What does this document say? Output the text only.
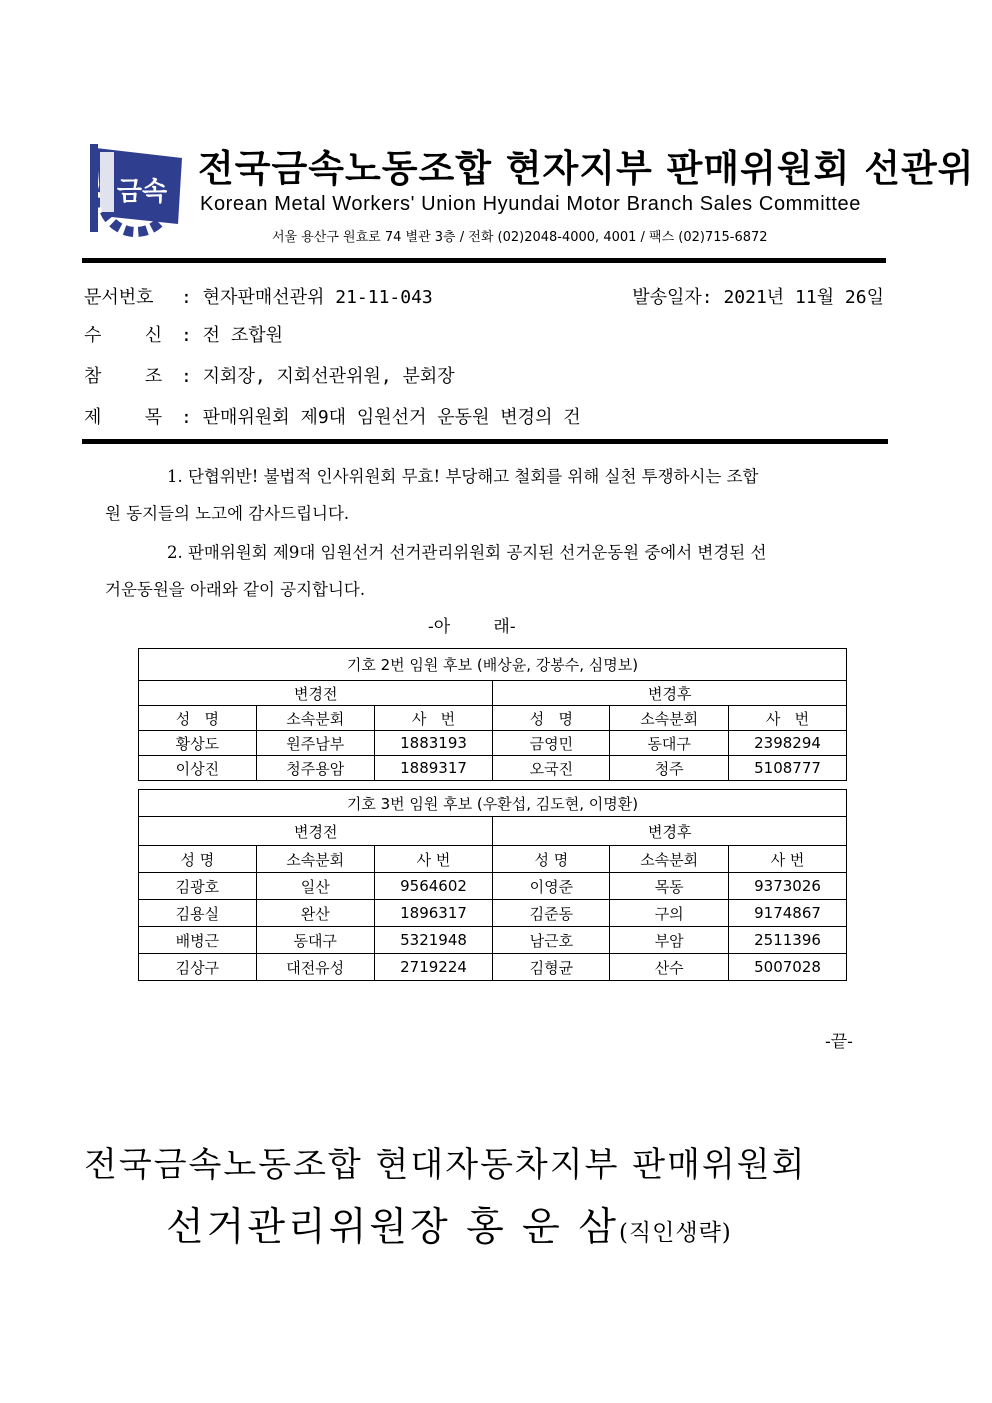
금속
전국금속노동조합 현자지부 판매위원회 선관위
Korean Metal Workers' Union Hyundai Motor Branch Sales Committee
서울 용산구 원효로 74 별관 3층 / 전화 (02)2048-4000, 4001 / 팩스 (02)715-6872
문서번호 : 현자판매선관위 21-11-043	발송일자: 2021년 11월 26일
수    신 : 전 조합원
참    조 : 지회장, 지회선관위원, 분회장
제    목 : 판매위원회 제9대 임원선거 운동원 변경의 건
1. 단협위반! 불법적 인사위원회 무효! 부당해고 철회를 위해 실천 투쟁하시는 조합
원 동지들의 노고에 감사드립니다.
2. 판매위원회 제9대 임원선거 선거관리위원회 공지된 선거운동원 중에서 변경된 선
거운동원을 아래와 같이 공지합니다.
-아        래-
기호 2번 임원 후보 (배상윤, 강봉수, 심명보)					
변경전			변경후		
성   명	소속분회	사   번	성   명	소속분회	사   번
황상도	원주남부	1883193	금영민	동대구	2398294
이상진	청주용암	1889317	오국진	청주	5108777
기호 3번 임원 후보 (우환섭, 김도현, 이명환)					
변경전			변경후		
성 명	소속분회	사 번	성 명	소속분회	사 번
김광호	일산	9564602	이영준	목동	9373026
김용실	완산	1896317	김준동	구의	9174867
배병근	동대구	5321948	남근호	부암	2511396
김상구	대전유성	2719224	김형균	산수	5007028
-끝-
전국금속노동조합 현대자동차지부 판매위원회
선거관리위원장 홍 운 삼(직인생략)
